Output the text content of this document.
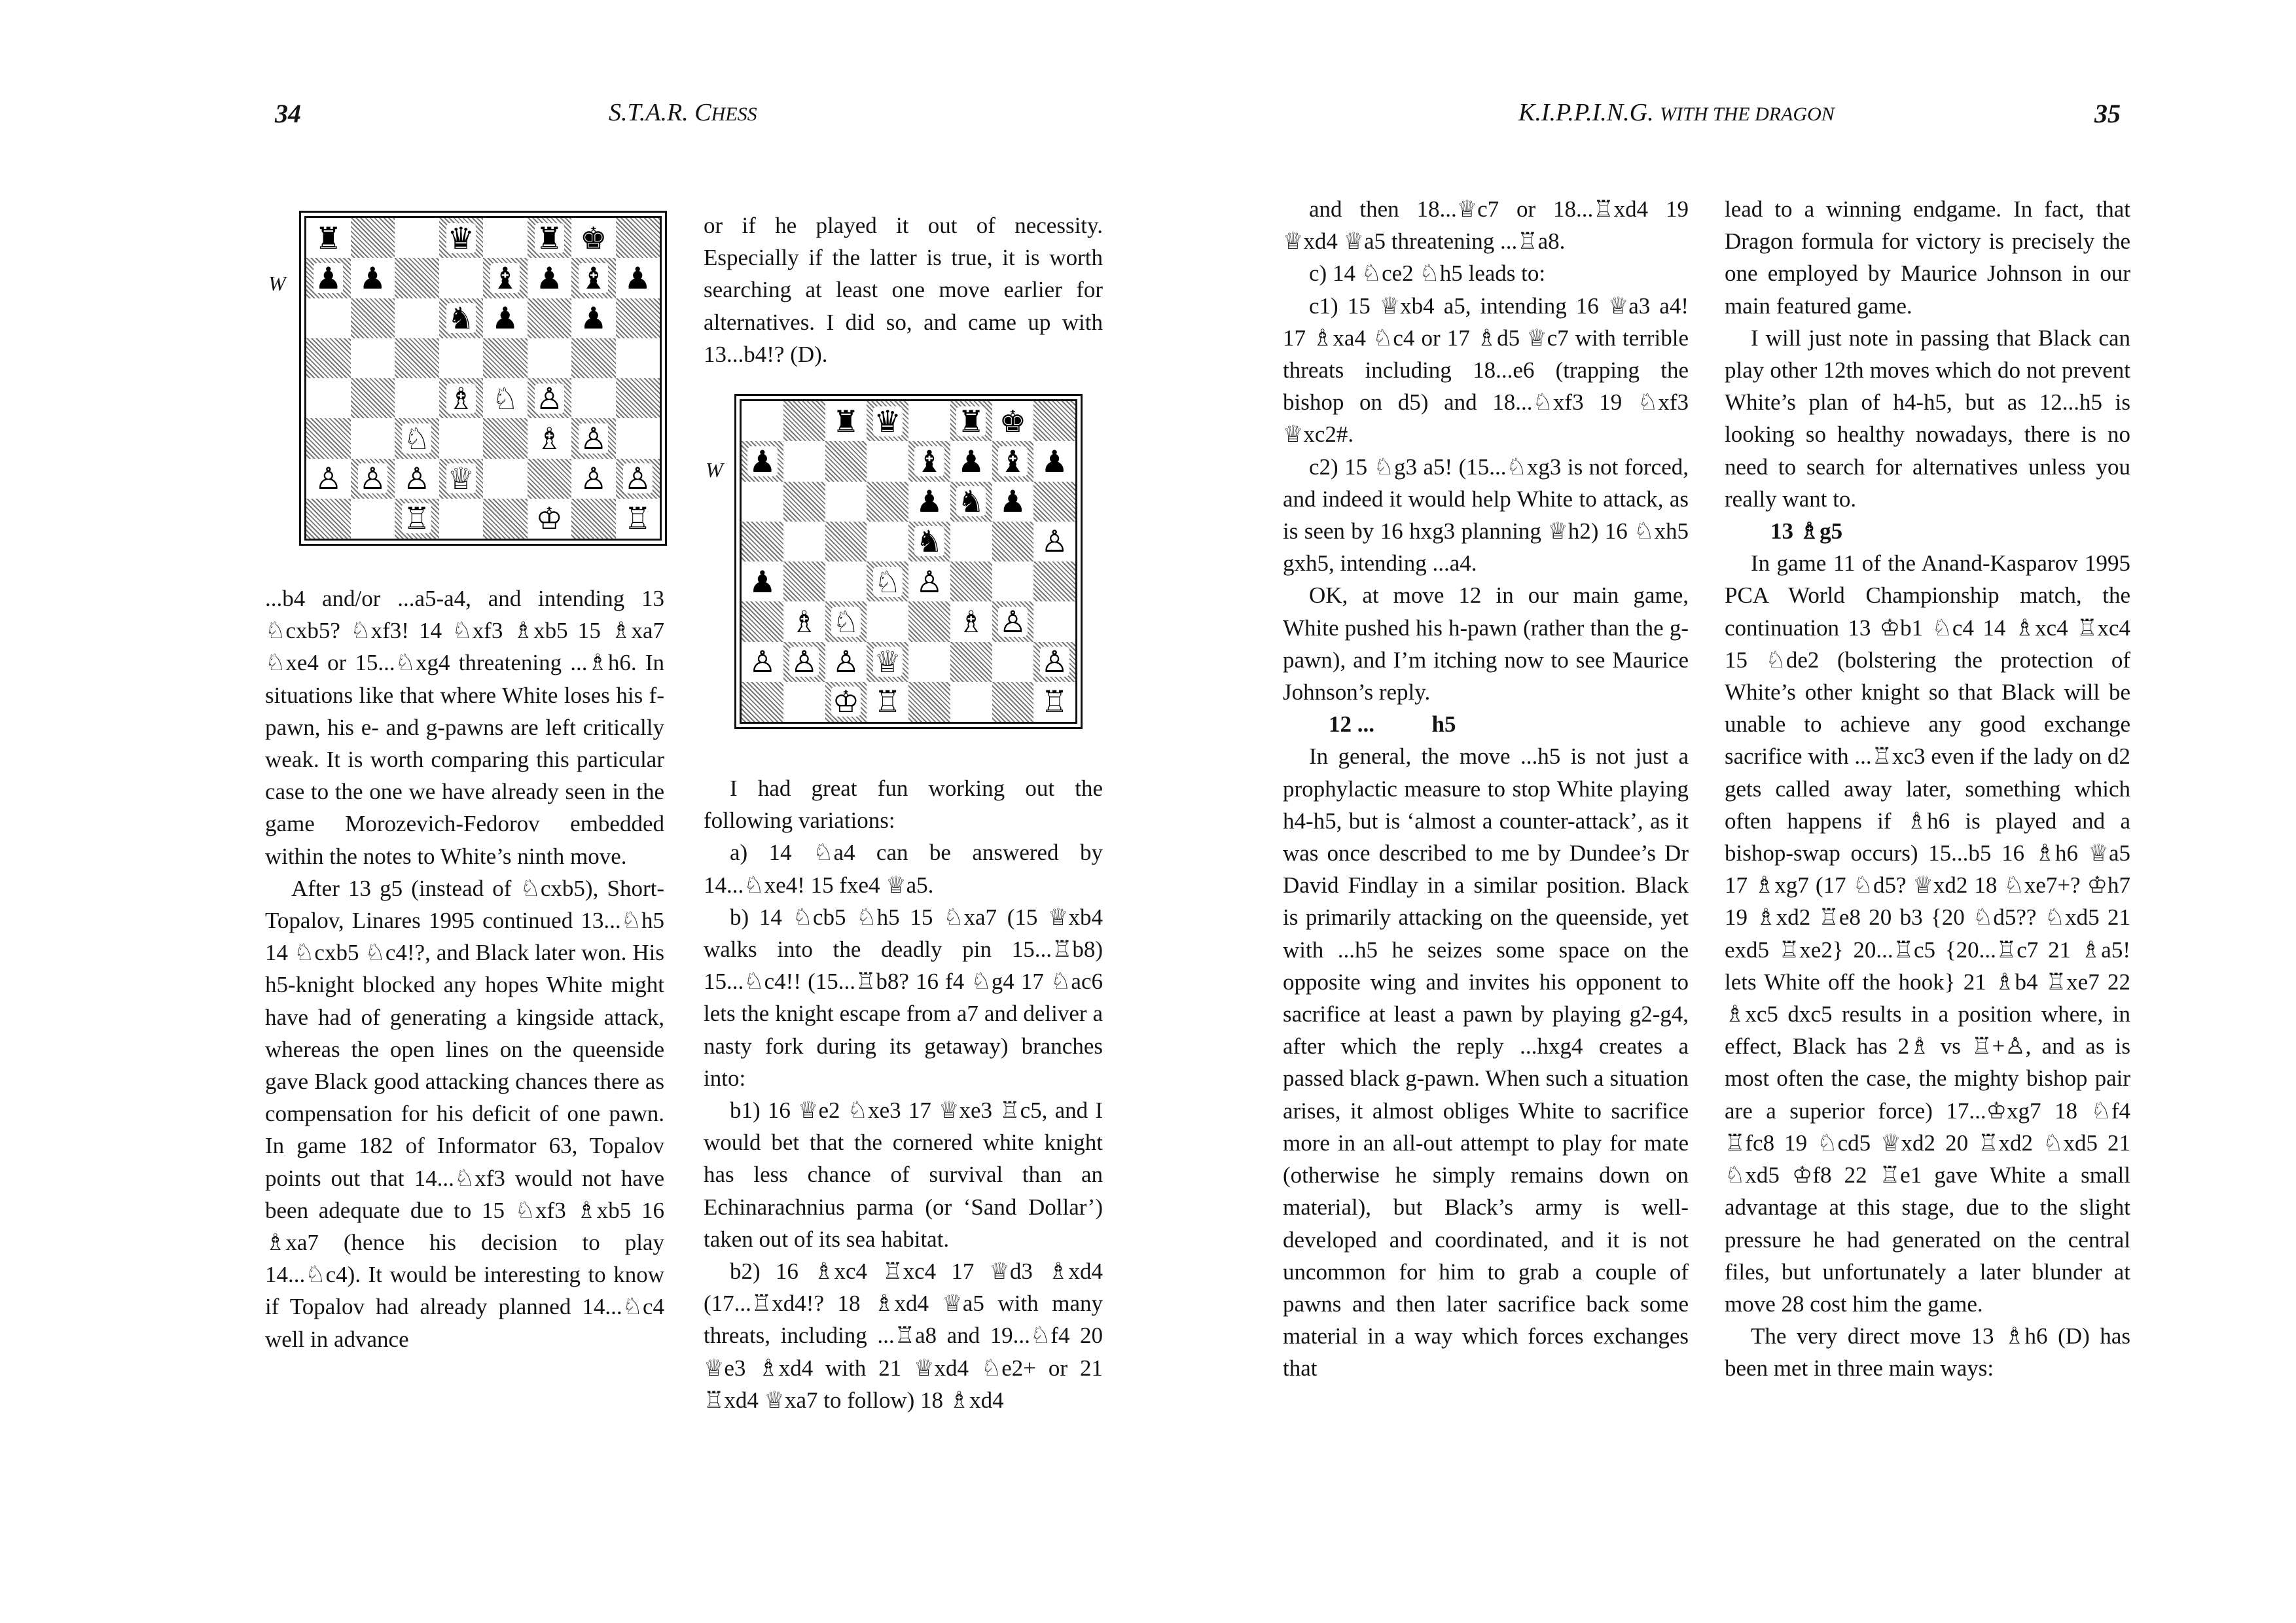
34	S.T.A.R. CHESS
W
♜	♛ ♜ ♚
♟ ♟	♝ ♟ ♝ ♟
♞ ♟ ♟
♗ ♘ ♙
♘	♗ ♙
♙ ♙ ♙ ♕	♙ ♙
♖	♔ ♖

...b4 and/or ...a5-a4, and intending 13 ♘cxb5? ♘xf3! 14 ♘xf3 ♗xb5 15 ♗xa7 ♘xe4 or 15...♘xg4 threatening ...♗h6. In situations like that where White loses his f-pawn, his e- and g-pawns are left critically weak. It is worth comparing this particular case to the one we have already seen in the game Morozevich-Fedorov embedded within the notes to White’s ninth move.

After 13 g5 (instead of ♘cxb5), Short-Topalov, Linares 1995 continued 13...♘h5 14 ♘cxb5 ♘c4!?, and Black later won. His h5-knight blocked any hopes White might have had of generating a kingside attack, whereas the open lines on the queenside gave Black good attacking chances there as compensation for his deficit of one pawn. In game 182 of Informator 63, Topalov points out that 14...♘xf3 would not have been adequate due to 15 ♘xf3 ♗xb5 16 ♗xa7 (hence his decision to play 14...♘c4). It would be interesting to know if Topalov had already planned 14...♘c4 well in advance

or if he played it out of necessity. Especially if the latter is true, it is worth searching at least one move earlier for alternatives. I did so, and came up with 13...b4!? (D).

W
♜ ♛ ♜ ♚
♟	♝ ♟ ♝ ♟
♟ ♞ ♟
♞	♙
♟	♘ ♙
♗ ♘	♗ ♙
♙ ♙ ♙ ♕	♙
♔ ♖	♖

I had great fun working out the following variations:

a) 14 ♘a4 can be answered by 14...♘xe4! 15 fxe4 ♕a5.

b) 14 ♘cb5 ♘h5 15 ♘xa7 (15 ♕xb4 walks into the deadly pin 15...♖b8) 15...♘c4!! (15...♖b8? 16 f4 ♘g4 17 ♘ac6 lets the knight escape from a7 and deliver a nasty fork during its getaway) branches into:

b1) 16 ♕e2 ♘xe3 17 ♕xe3 ♖c5, and I would bet that the cornered white knight has less chance of survival than an Echinarachnius parma (or ‘Sand Dollar’) taken out of its sea habitat.

b2) 16 ♗xc4 ♖xc4 17 ♕d3 ♗xd4 (17...♖xd4!? 18 ♗xd4 ♕a5 with many threats, including ...♖a8 and 19...♘f4 20 ♕e3 ♗xd4 with 21 ♕xd4 ♘e2+ or 21 ♖xd4 ♕xa7 to follow) 18 ♗xd4

K.I.P.P.I.N.G. WITH THE DRAGON	35

and then 18...♕c7 or 18...♖xd4 19 ♕xd4 ♕a5 threatening ...♖a8.

c) 14 ♘ce2 ♘h5 leads to:

c1) 15 ♕xb4 a5, intending 16 ♕a3 a4! 17 ♗xa4 ♘c4 or 17 ♗d5 ♕c7 with terrible threats including 18...e6 (trapping the bishop on d5) and 18...♘xf3 19 ♘xf3 ♕xc2#.

c2) 15 ♘g3 a5! (15...♘xg3 is not forced, and indeed it would help White to attack, as is seen by 16 hxg3 planning ♕h2) 16 ♘xh5 gxh5, intending ...a4.

OK, at move 12 in our main game, White pushed his h-pawn (rather than the g-pawn), and I’m itching now to see Maurice Johnson’s reply.

12 ...          h5

In general, the move ...h5 is not just a prophylactic measure to stop White playing h4-h5, but is ‘almost a counter-attack’, as it was once described to me by Dundee’s Dr David Findlay in a similar position. Black is primarily attacking on the queenside, yet with ...h5 he seizes some space on the opposite wing and invites his opponent to sacrifice at least a pawn by playing g2-g4, after which the reply ...hxg4 creates a passed black g-pawn. When such a situation arises, it almost obliges White to sacrifice more in an all-out attempt to play for mate (otherwise he simply remains down on material), but Black’s army is well-developed and coordinated, and it is not uncommon for him to grab a couple of pawns and then later sacrifice back some material in a way which forces exchanges that

lead to a winning endgame. In fact, that Dragon formula for victory is precisely the one employed by Maurice Johnson in our main featured game.

I will just note in passing that Black can play other 12th moves which do not prevent White’s plan of h4-h5, but as 12...h5 is looking so healthy nowadays, there is no need to search for alternatives unless you really want to.

13 ♗g5

In game 11 of the Anand-Kasparov 1995 PCA World Championship match, the continuation 13 ♔b1 ♘c4 14 ♗xc4 ♖xc4 15 ♘de2 (bolstering the protection of White’s other knight so that Black will be unable to achieve any good exchange sacrifice with ...♖xc3 even if the lady on d2 gets called away later, something which often happens if ♗h6 is played and a bishop-swap occurs) 15...b5 16 ♗h6 ♕a5 17 ♗xg7 (17 ♘d5? ♕xd2 18 ♘xe7+? ♔h7 19 ♗xd2 ♖e8 20 b3 {20 ♘d5?? ♘xd5 21 exd5 ♖xe2} 20...♖c5 {20...♖c7 21 ♗a5! lets White off the hook} 21 ♗b4 ♖xe7 22 ♗xc5 dxc5 results in a position where, in effect, Black has 2♗ vs ♖+♙, and as is most often the case, the mighty bishop pair are a superior force) 17...♔xg7 18 ♘f4 ♖fc8 19 ♘cd5 ♕xd2 20 ♖xd2 ♘xd5 21 ♘xd5 ♔f8 22 ♖e1 gave White a small advantage at this stage, due to the slight pressure he had generated on the central files, but unfortunately a later blunder at move 28 cost him the game.

The very direct move 13 ♗h6 (D) has been met in three main ways:
